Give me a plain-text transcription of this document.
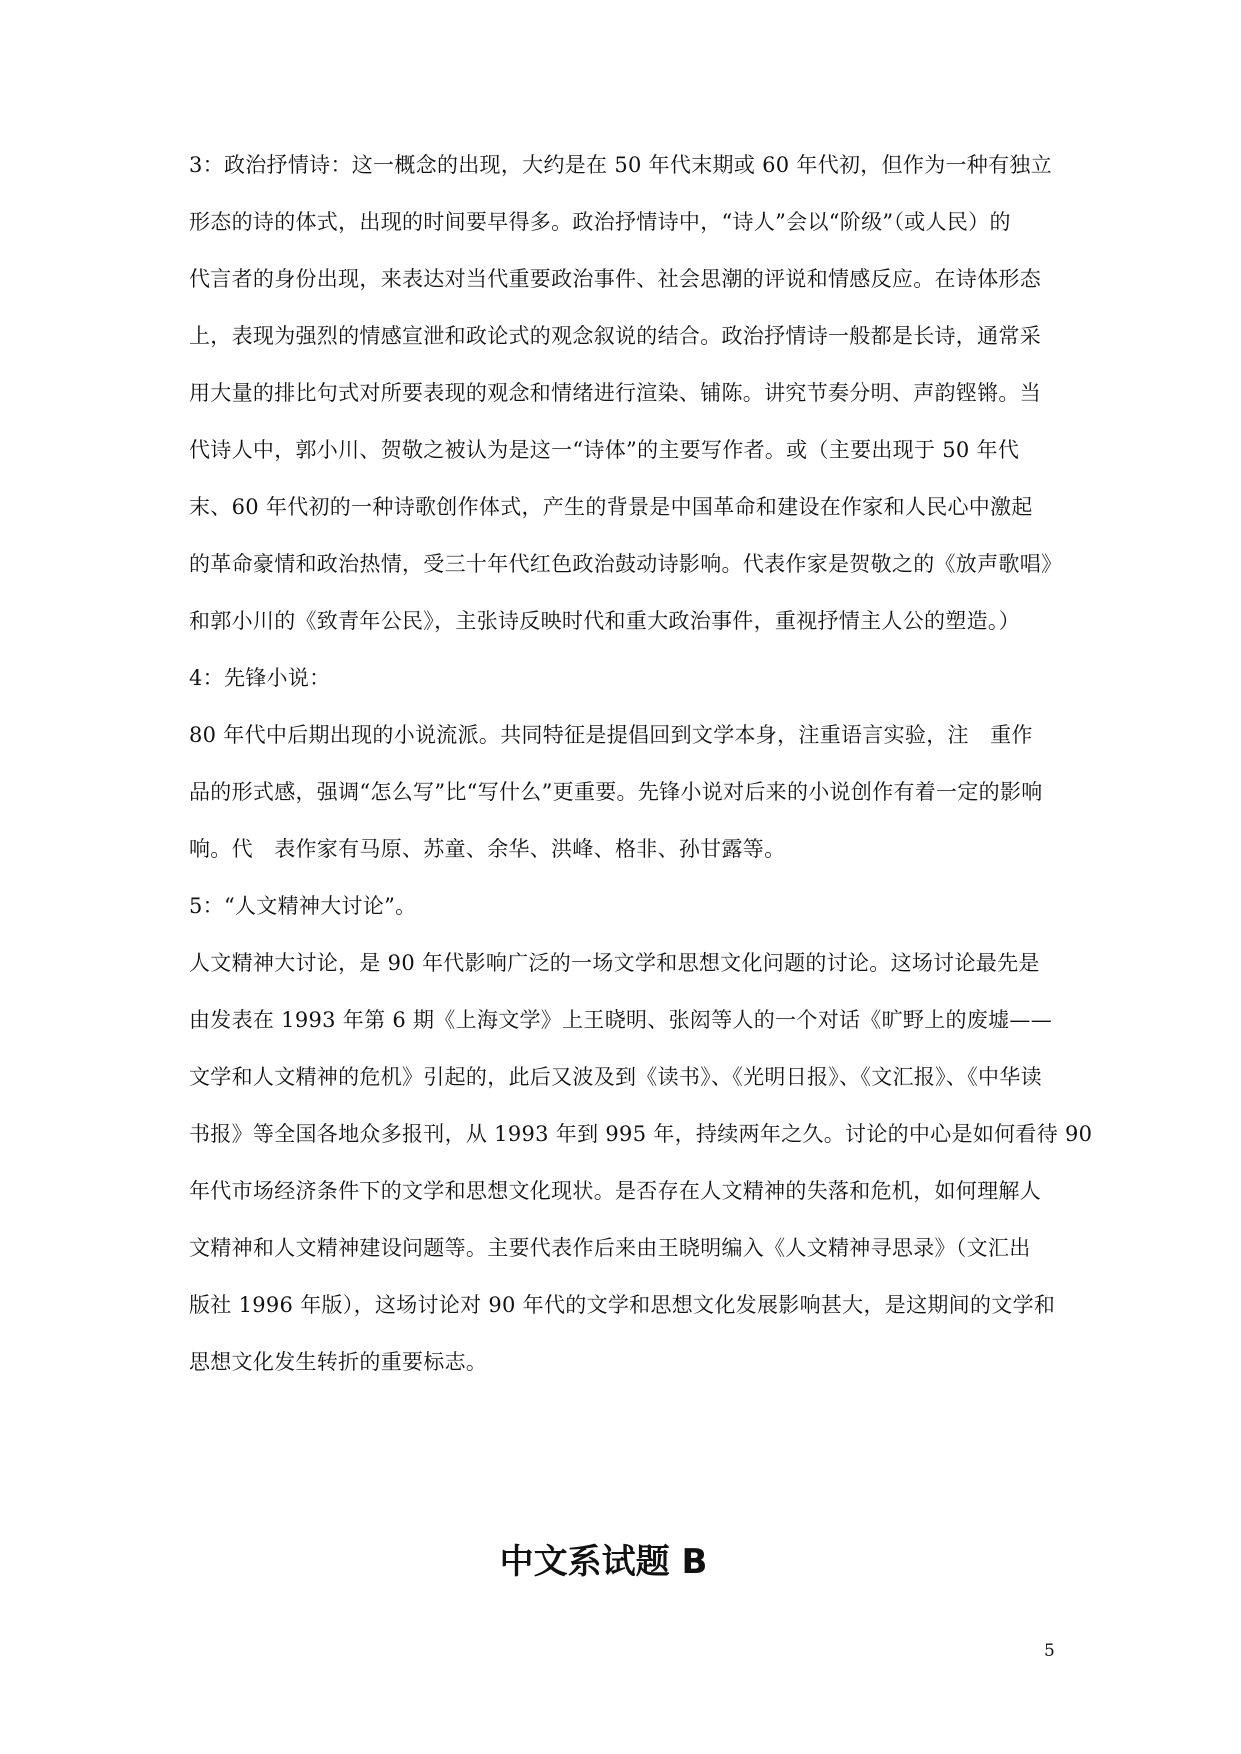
3：政治抒情诗：这一概念的出现，大约是在 50 年代末期或 60 年代初，但作为一种有独立
形态的诗的体式，出现的时间要早得多。政治抒情诗中，“诗人”会以“阶级”（或人民）的
代言者的身份出现，来表达对当代重要政治事件、社会思潮的评说和情感反应。在诗体形态
上，表现为强烈的情感宣泄和政论式的观念叙说的结合。政治抒情诗一般都是长诗，通常采
用大量的排比句式对所要表现的观念和情绪进行渲染、铺陈。讲究节奏分明、声韵铿锵。当
代诗人中，郭小川、贺敬之被认为是这一“诗体”的主要写作者。或（主要出现于 50 年代
末、60 年代初的一种诗歌创作体式，产生的背景是中国革命和建设在作家和人民心中激起
的革命豪情和政治热情，受三十年代红色政治鼓动诗影响。代表作家是贺敬之的《放声歌唱》
和郭小川的《致青年公民》，主张诗反映时代和重大政治事件，重视抒情主人公的塑造。）
4：先锋小说：
80 年代中后期出现的小说流派。共同特征是提倡回到文学本身，注重语言实验，注　重作
品的形式感，强调“怎么写”比“写什么”更重要。先锋小说对后来的小说创作有着一定的影响
响。代　表作家有马原、苏童、余华、洪峰、格非、孙甘露等。
5：“人文精神大讨论”。
人文精神大讨论，是 90 年代影响广泛的一场文学和思想文化问题的讨论。这场讨论最先是
由发表在 1993 年第 6 期《上海文学》上王晓明、张闳等人的一个对话《旷野上的废墟——
文学和人文精神的危机》引起的，此后又波及到《读书》、《光明日报》、《文汇报》、《中华读
书报》等全国各地众多报刊，从 1993 年到 995 年，持续两年之久。讨论的中心是如何看待 90
年代市场经济条件下的文学和思想文化现状。是否存在人文精神的失落和危机，如何理解人
文精神和人文精神建设问题等。主要代表作后来由王晓明编入《人文精神寻思录》（文汇出
版社 1996 年版），这场讨论对 90 年代的文学和思想文化发展影响甚大，是这期间的文学和
思想文化发生转折的重要标志。
中文系试题 B
5
